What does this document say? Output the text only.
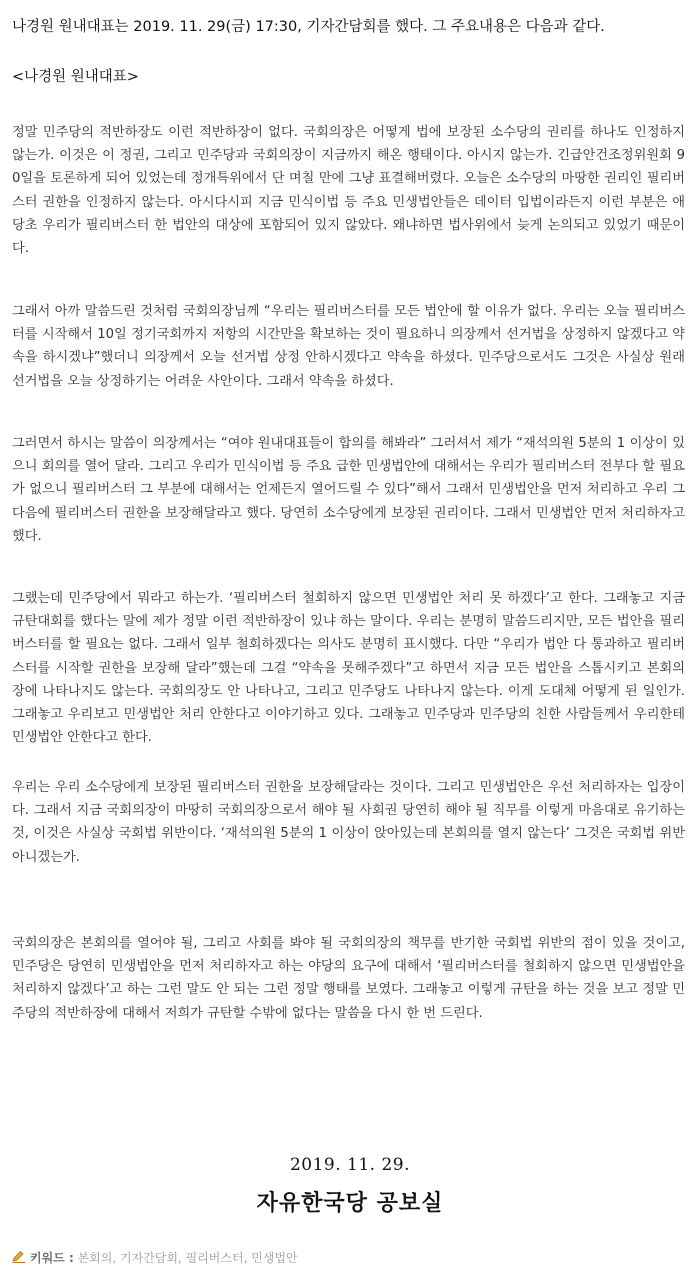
나경원 원내대표는 2019. 11. 29(금) 17:30, 기자간담회를 했다. 그 주요내용은 다음과 같다.
<나경원 원내대표>

정말 민주당의 적반하장도 이런 적반하장이 없다. 국회의장은 어떻게 법에 보장된 소수당의 권리를 하나도 인정하지 않는가. 이것은 이 정권, 그리고 민주당과 국회의장이 지금까지 해온 행태이다. 아시지 않는가. 긴급안건조정위원회 90일을 토론하게 되어 있었는데 정개특위에서 단 며칠 만에 그냥 표결해버렸다. 오늘은 소수당의 마땅한 권리인 필리버스터 권한을 인정하지 않는다. 아시다시피 지금 민식이법 등 주요 민생법안들은 데이터 입법이라든지 이런 부분은 애당초 우리가 필리버스터 한 법안의 대상에 포함되어 있지 않았다. 왜냐하면 법사위에서 늦게 논의되고 있었기 때문이다.

그래서 아까 말씀드린 것처럼 국회의장님께 “우리는 필리버스터를 모든 법안에 할 이유가 없다. 우리는 오늘 필리버스터를 시작해서 10일 정기국회까지 저항의 시간만을 확보하는 것이 필요하니 의장께서 선거법을 상정하지 않겠다고 약속을 하시겠냐”했더니 의장께서 오늘 선거법 상정 안하시겠다고 약속을 하셨다. 민주당으로서도 그것은 사실상 원래 선거법을 오늘 상정하기는 어려운 사안이다. 그래서 약속을 하셨다.

그러면서 하시는 말씀이 의장께서는 “여야 원내대표들이 합의를 해봐라” 그러셔서 제가 “재석의원 5분의 1 이상이 있으니 회의를 열어 달라. 그리고 우리가 민식이법 등 주요 급한 민생법안에 대해서는 우리가 필리버스터 전부다 할 필요가 없으니 필리버스터 그 부분에 대해서는 언제든지 열어드릴 수 있다”해서 그래서 민생법안을 먼저 처리하고 우리 그 다음에 필리버스터 권한을 보장해달라고 했다. 당연히 소수당에게 보장된 권리이다. 그래서 민생법안 먼저 처리하자고 했다.

그랬는데 민주당에서 뭐라고 하는가. ‘필리버스터 철회하지 않으면 민생법안 처리 못 하겠다’고 한다. 그래놓고 지금 규탄대회를 했다는 말에 제가 정말 이런 적반하장이 있냐 하는 말이다. 우리는 분명히 말씀드리지만, 모든 법안을 필리버스터를 할 필요는 없다. 그래서 일부 철회하겠다는 의사도 분명히 표시했다. 다만 “우리가 법안 다 통과하고 필리버스터를 시작할 권한을 보장해 달라”했는데 그걸 “약속을 못해주겠다”고 하면서 지금 모든 법안을 스톱시키고 본회의장에 나타나지도 않는다. 국회의장도 안 나타나고, 그리고 민주당도 나타나지 않는다. 이게 도대체 어떻게 된 일인가. 그래놓고 우리보고 민생법안 처리 안한다고 이야기하고 있다. 그래놓고 민주당과 민주당의 친한 사람들께서 우리한테 민생법안 안한다고 한다.

우리는 우리 소수당에게 보장된 필리버스터 권한을 보장해달라는 것이다. 그리고 민생법안은 우선 처리하자는 입장이다. 그래서 지금 국회의장이 마땅히 국회의장으로서 해야 될 사회권 당연히 해야 될 직무를 이렇게 마음대로 유기하는 것, 이것은 사실상 국회법 위반이다. ‘재석의원 5분의 1 이상이 앉아있는데 본회의를 열지 않는다’ 그것은 국회법 위반 아니겠는가.

국회의장은 본회의를 열어야 될, 그리고 사회를 봐야 될 국회의장의 책무를 반기한 국회법 위반의 점이 있을 것이고, 민주당은 당연히 민생법안을 먼저 처리하자고 하는 야당의 요구에 대해서 ‘필리버스터를 철회하지 않으면 민생법안을 처리하지 않겠다’고 하는 그런 말도 안 되는 그런 정말 행태를 보였다. 그래놓고 이렇게 규탄을 하는 것을 보고 정말 민주당의 적반하장에 대해서 저희가 규탄할 수밖에 없다는 말씀을 다시 한 번 드린다.

2019. 11. 29.
자유한국당 공보실
키워드 : 본회의, 기자간담회, 필리버스터, 민생법안
